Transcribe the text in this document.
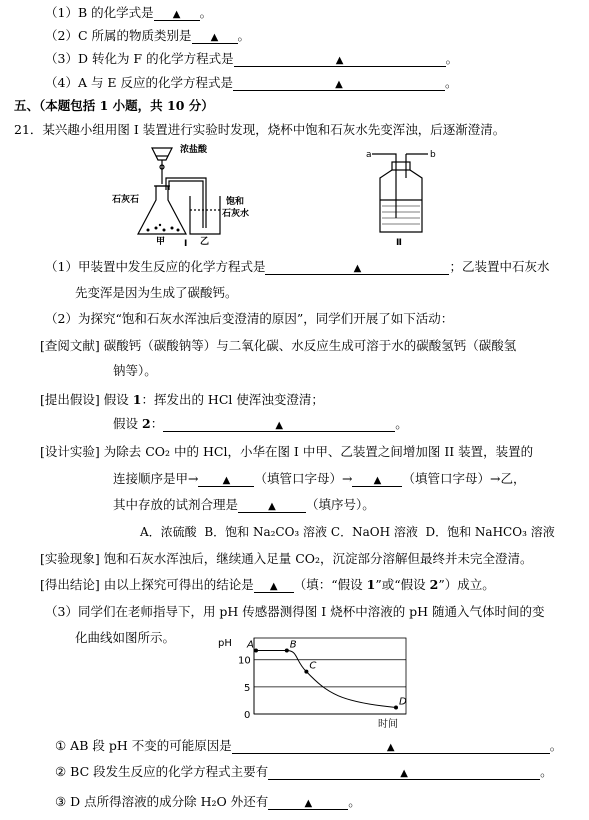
（1）B 的化学式是 ▲ 。
（2）C 所属的物质类别是 ▲ 。
（3）D 转化为 F 的化学方程式是	▲	。
（4）A 与 E 反应的化学方程式是	▲	。
五、（本题包括 1 小题，共 10 分）
21．某兴趣小组用图 I 装置进行实验时发现，烧杯中饱和石灰水先变浑浊，后逐渐澄清。
浓盐酸
石灰石	饱和
石灰水
甲	乙
I
a	b
Ⅱ
（1）甲装置中发生反应的化学方程式是	▲	；乙装置中石灰水
先变浑是因为生成了碳酸钙。
（2）为探究“饱和石灰水浑浊后变澄清的原因”，同学们开展了如下活动：
[查阅文献] 碳酸钙（碳酸钠等）与二氧化碳、水反应生成可溶于水的碳酸氢钙（碳酸氢
钠等）。
[提出假设] 假设 1：挥发出的 HCl 使浑浊变澄清；
假设 2：	▲	。
[设计实验] 为除去 CO₂ 中的 HCl，小华在图 I 中甲、乙装置之间增加图 II 装置，装置的
连接顺序是甲→ ▲ （填管口字母）→ ▲ （填管口字母）→乙，
其中存放的试剂合理是	▲ （填序号）。
A．浓硫酸 B．饱和 Na₂CO₃ 溶液 C．NaOH 溶液 D．饱和 NaHCO₃ 溶液
[实验现象] 饱和石灰水浑浊后，继续通入足量 CO₂，沉淀部分溶解但最终并未完全澄清。
[得出结论] 由以上探究可得出的结论是 ▲ （填：“假设 1”或“假设 2”）成立。
（3）同学们在老师指导下，用 pH 传感器测得图 I 烧杯中溶液的 pH 随通入气体时间的变
化曲线如图所示。	A	B
C
D
pH
时间
0
5
10
① AB 段 pH 不变的可能原因是	▲	。
② BC 段发生反应的化学方程式主要有	▲	。
③ D 点所得溶液的成分除 H₂O 外还有	▲	。
